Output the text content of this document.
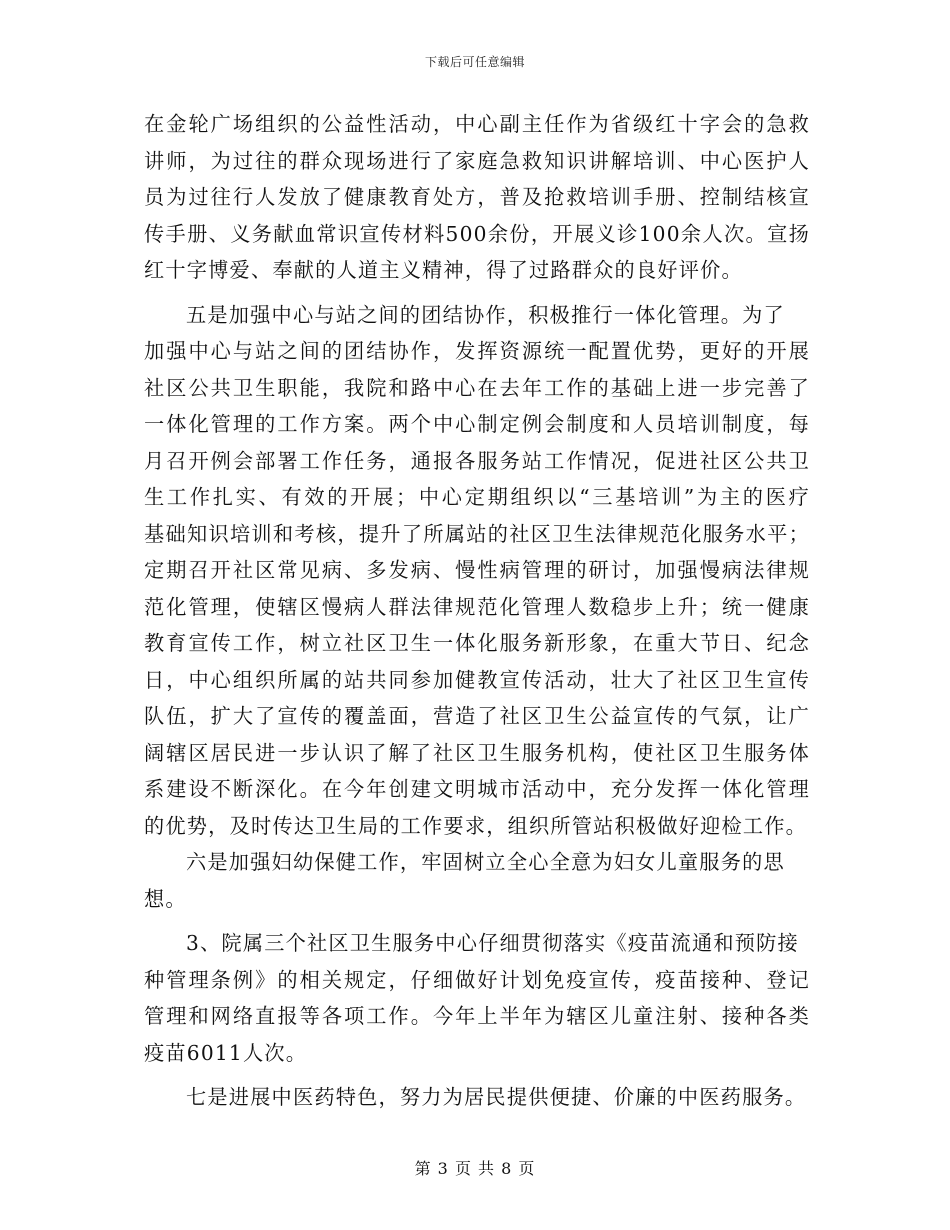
下载后可任意编辑
在金轮广场组织的公益性活动，中心副主任作为省级红十字会的急救
讲师，为过往的群众现场进行了家庭急救知识讲解培训、中心医护人
员为过往行人发放了健康教育处方，普及抢救培训手册、控制结核宣
传手册、义务献血常识宣传材料500余份，开展义诊100余人次。宣扬
红十字博爱、奉献的人道主义精神，得了过路群众的良好评价。
五是加强中心与站之间的团结协作，积极推行一体化管理。为了
加强中心与站之间的团结协作，发挥资源统一配置优势，更好的开展
社区公共卫生职能，我院和路中心在去年工作的基础上进一步完善了
一体化管理的工作方案。两个中心制定例会制度和人员培训制度，每
月召开例会部署工作任务，通报各服务站工作情况，促进社区公共卫
生工作扎实、有效的开展；中心定期组织以“三基培训”为主的医疗
基础知识培训和考核，提升了所属站的社区卫生法律规范化服务水平；
定期召开社区常见病、多发病、慢性病管理的研讨，加强慢病法律规
范化管理，使辖区慢病人群法律规范化管理人数稳步上升；统一健康
教育宣传工作，树立社区卫生一体化服务新形象，在重大节日、纪念
日，中心组织所属的站共同参加健教宣传活动，壮大了社区卫生宣传
队伍，扩大了宣传的覆盖面，营造了社区卫生公益宣传的气氛，让广
阔辖区居民进一步认识了解了社区卫生服务机构，使社区卫生服务体
系建设不断深化。在今年创建文明城市活动中，充分发挥一体化管理
的优势，及时传达卫生局的工作要求，组织所管站积极做好迎检工作。
六是加强妇幼保健工作，牢固树立全心全意为妇女儿童服务的思
想。
3、院属三个社区卫生服务中心仔细贯彻落实《疫苗流通和预防接
种管理条例》的相关规定，仔细做好计划免疫宣传，疫苗接种、登记
管理和网络直报等各项工作。今年上半年为辖区儿童注射、接种各类
疫苗6011人次。
七是进展中医药特色，努力为居民提供便捷、价廉的中医药服务。
第 3 页 共 8 页
